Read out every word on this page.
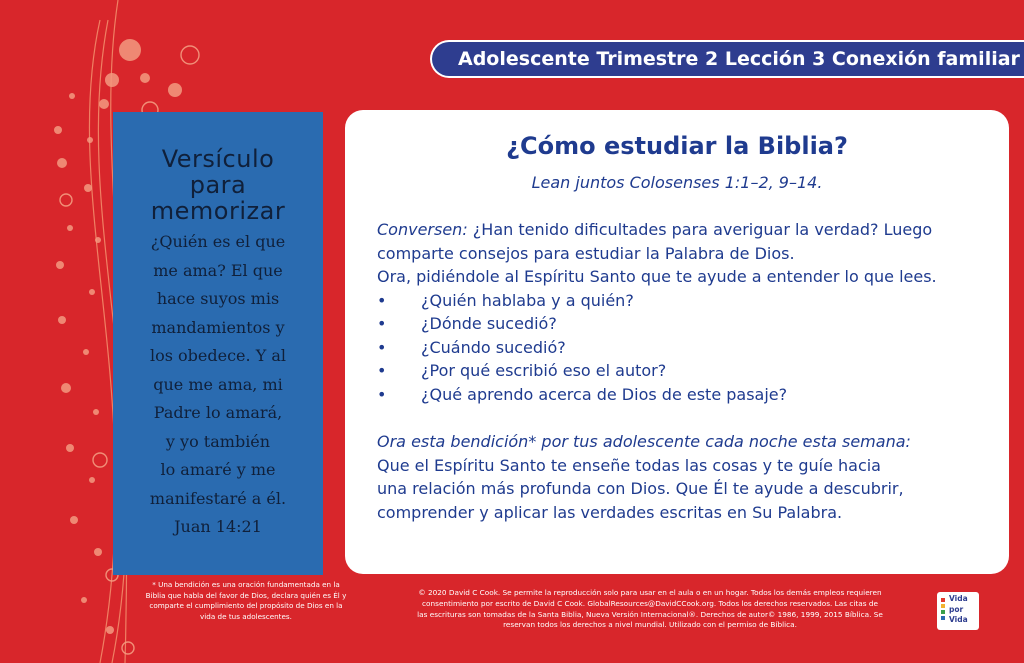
Adolescente Trimestre 2 Lección 3 Conexión familiar
Versículo
para
memorizar
¿Quién es el que
me ama? El que
hace suyos mis
mandamientos y
los obedece. Y al
que me ama, mi
Padre lo amará,
y yo también
lo amaré y me
manifestaré a él.
Juan 14:21
* Una bendición es una oración fundamentada en la
Biblia que habla del favor de Dios, declara quién es Él y
comparte el cumplimiento del propósito de Dios en la
vida de tus adolescentes.
¿Cómo estudiar la Biblia?
Lean juntos Colosenses 1:1–2, 9–14.

Conversen: ¿Han tenido dificultades para averiguar la verdad? Luego

comparte consejos para estudiar la Palabra de Dios.

Ora, pidiéndole al Espíritu Santo que te ayude a entender lo que lees.

• ¿Quién hablaba y a quién?
• ¿Dónde sucedió?
• ¿Cuándo sucedió?
• ¿Por qué escribió eso el autor?
• ¿Qué aprendo acerca de Dios de este pasaje?

Ora esta bendición* por tus adolescente cada noche esta semana:

Que el Espíritu Santo te enseñe todas las cosas y te guíe hacia

una relación más profunda con Dios. Que Él te ayude a descubrir,

comprender y aplicar las verdades escritas en Su Palabra.

© 2020 David C Cook. Se permite la reproducción solo para usar en el aula o en un hogar. Todos los demás empleos requieren
consentimiento por escrito de David C Cook. GlobalResources@DavidCCook.org. Todos los derechos reservados. Las citas de
las escrituras son tomadas de la Santa Biblia, Nueva Versión Internacional®. Derechos de autor© 1986, 1999, 2015 Bíblica. Se
reservan todos los derechos a nivel mundial. Utilizado con el permiso de Bíblica.
Vida
por
Vida
